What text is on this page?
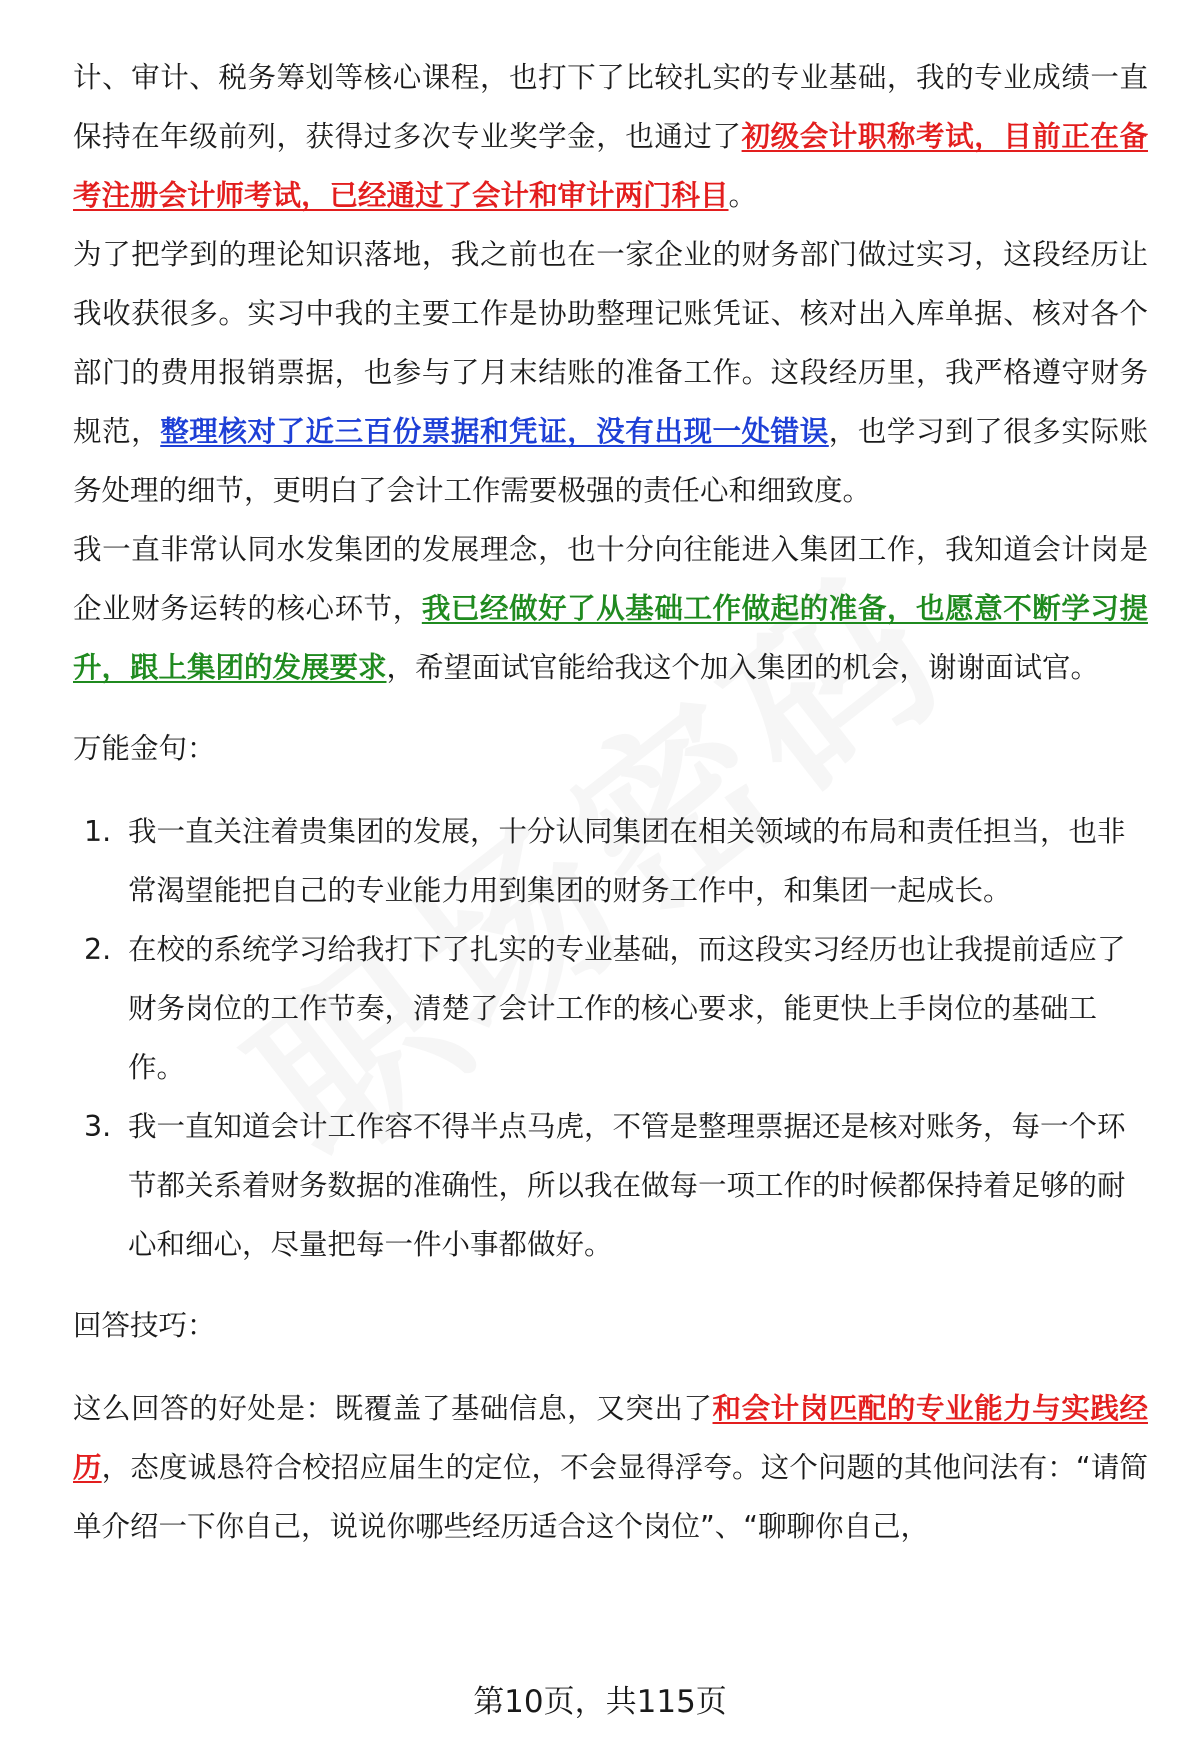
计、审计、税务筹划等核心课程，也打下了比较扎实的专业基础，我的专业成绩一直保持在年级前列，获得过多次专业奖学金，也通过了初级会计职称考试，目前正在备考注册会计师考试，已经通过了会计和审计两门科目。

为了把学到的理论知识落地，我之前也在一家企业的财务部门做过实习，这段经历让我收获很多。实习中我的主要工作是协助整理记账凭证、核对出入库单据、核对各个部门的费用报销票据，也参与了月末结账的准备工作。这段经历里，我严格遵守财务规范，整理核对了近三百份票据和凭证，没有出现一处错误，也学习到了很多实际账务处理的细节，更明白了会计工作需要极强的责任心和细致度。

我一直非常认同水发集团的发展理念，也十分向往能进入集团工作，我知道会计岗是企业财务运转的核心环节，我已经做好了从基础工作做起的准备，也愿意不断学习提升，跟上集团的发展要求，希望面试官能给我这个加入集团的机会，谢谢面试官。

万能金句：

1. 我一直关注着贵集团的发展，十分认同集团在相关领域的布局和责任担当，也非常渴望能把自己的专业能力用到集团的财务工作中，和集团一起成长。
2. 在校的系统学习给我打下了扎实的专业基础，而这段实习经历也让我提前适应了财务岗位的工作节奏，清楚了会计工作的核心要求，能更快上手岗位的基础工作。
3. 我一直知道会计工作容不得半点马虎，不管是整理票据还是核对账务，每一个环节都关系着财务数据的准确性，所以我在做每一项工作的时候都保持着足够的耐心和细心，尽量把每一件小事都做好。

回答技巧：

这么回答的好处是：既覆盖了基础信息，又突出了和会计岗匹配的专业能力与实践经历，态度诚恳符合校招应届生的定位，不会显得浮夸。这个问题的其他问法有：“请简单介绍一下你自己，说说你哪些经历适合这个岗位”、“聊聊你自己，

第10页，共115页
